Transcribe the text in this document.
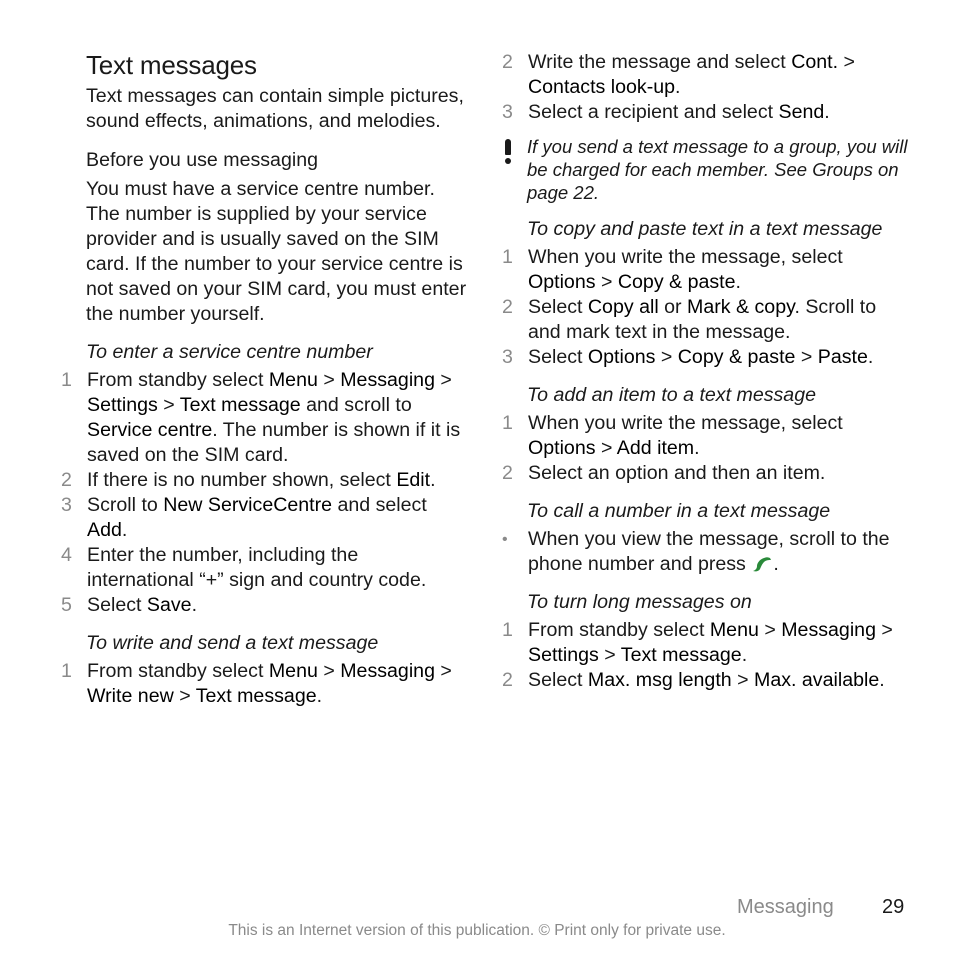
Text messages

Text messages can contain simple pictures, sound effects, animations, and melodies.

Before you use messaging

You must have a service centre number. The number is supplied by your service provider and is usually saved on the SIM card. If the number to your service centre is not saved on your SIM card, you must enter the number yourself.

To enter a service centre number
1 From standby select Menu > Messaging > Settings > Text message and scroll to Service centre. The number is shown if it is saved on the SIM card.
2 If there is no number shown, select Edit.
3 Scroll to New ServiceCentre and select Add.
4 Enter the number, including the international “+” sign and country code.
5 Select Save.
To write and send a text message
1 From standby select Menu > Messaging > Write new > Text message.
2 Write the message and select Cont. > Contacts look-up.
3 Select a recipient and select Send.
If you send a text message to a group, you will be charged for each member. See Groups on page 22.
To copy and paste text in a text message
1 When you write the message, select Options > Copy & paste.
2 Select Copy all or Mark & copy. Scroll to and mark text in the message.
3 Select Options > Copy & paste > Paste.
To add an item to a text message
1 When you write the message, select Options > Add item.
2 Select an option and then an item.
To call a number in a text message
•	When you view the message, scroll to the phone number and press .
To turn long messages on
1 From standby select Menu > Messaging > Settings > Text message.
2 Select Max. msg length > Max. available.
Messaging 29
This is an Internet version of this publication. © Print only for private use.
